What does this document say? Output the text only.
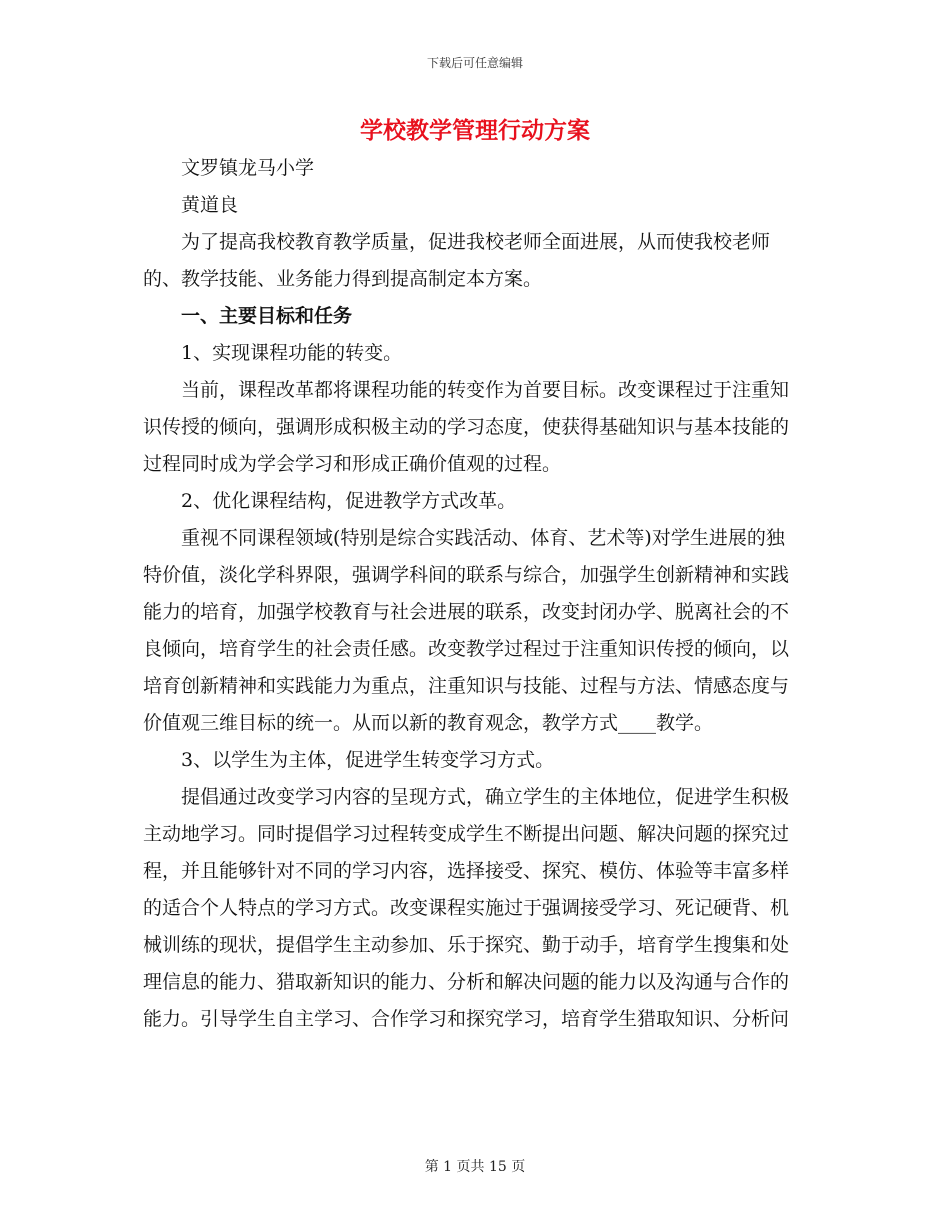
下载后可任意编辑
学校教学管理行动方案

文罗镇龙马小学

黄道良

为了提高我校教育教学质量，促进我校老师全面进展，从而使我校老师的、教学技能、业务能力得到提高制定本方案。

一、主要目标和任务

1、实现课程功能的转变。

当前，课程改革都将课程功能的转变作为首要目标。改变课程过于注重知识传授的倾向，强调形成积极主动的学习态度，使获得基础知识与基本技能的过程同时成为学会学习和形成正确价值观的过程。

2、优化课程结构，促进教学方式改革。

重视不同课程领域(特别是综合实践活动、体育、艺术等)对学生进展的独特价值，淡化学科界限，强调学科间的联系与综合，加强学生创新精神和实践能力的培育，加强学校教育与社会进展的联系，改变封闭办学、脱离社会的不良倾向，培育学生的社会责任感。改变教学过程过于注重知识传授的倾向，以培育创新精神和实践能力为重点，注重知识与技能、过程与方法、情感态度与价值观三维目标的统一。从而以新的教育观念，教学方式____教学。

3、以学生为主体，促进学生转变学习方式。

提倡通过改变学习内容的呈现方式，确立学生的主体地位，促进学生积极主动地学习。同时提倡学习过程转变成学生不断提出问题、解决问题的探究过程，并且能够针对不同的学习内容，选择接受、探究、模仿、体验等丰富多样的适合个人特点的学习方式。改变课程实施过于强调接受学习、死记硬背、机械训练的现状，提倡学生主动参加、乐于探究、勤于动手，培育学生搜集和处理信息的能力、猎取新知识的能力、分析和解决问题的能力以及沟通与合作的能力。引导学生自主学习、合作学习和探究学习，培育学生猎取知识、分析问

第 1 页共 15 页
